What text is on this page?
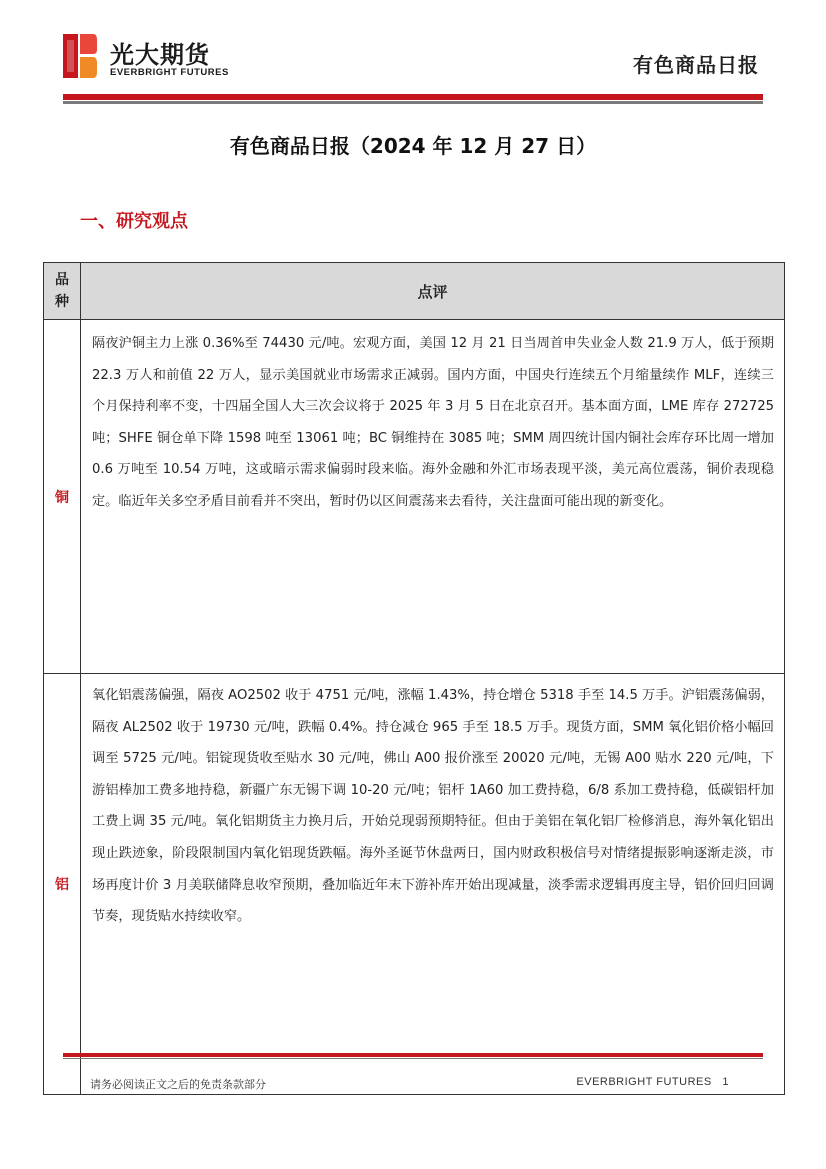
光大期货
EVERBRIGHT FUTURES	有色商品日报
有色商品日报（2024 年 12 月 27 日）
一、研究观点
品
种
点评
铜
隔夜沪铜主力上涨 0.36%至 74430 元/吨。宏观方面，美国 12 月 21 日当周首申失业金人数 21.9 万人，低于预期 22.3 万人和前值 22 万人，显示美国就业市场需求正减弱。国内方面，中国央行连续五个月缩量续作 MLF，连续三个月保持利率不变，十四届全国人大三次会议将于 2025 年 3 月 5 日在北京召开。基本面方面，LME 库存 272725 吨；SHFE 铜仓单下降 1598 吨至 13061 吨；BC 铜维持在 3085 吨；SMM 周四统计国内铜社会库存环比周一增加 0.6 万吨至 10.54 万吨，这或暗示需求偏弱时段来临。海外金融和外汇市场表现平淡，美元高位震荡，铜价表现稳定。临近年关多空矛盾目前看并不突出，暂时仍以区间震荡来去看待，关注盘面可能出现的新变化。
铝
氧化铝震荡偏强，隔夜 AO2502 收于 4751 元/吨，涨幅 1.43%，持仓增仓 5318 手至 14.5 万手。沪铝震荡偏弱，隔夜 AL2502 收于 19730 元/吨，跌幅 0.4%。持仓减仓 965 手至 18.5 万手。现货方面，SMM 氧化铝价格小幅回调至 5725 元/吨。铝锭现货收至贴水 30 元/吨，佛山 A00 报价涨至 20020 元/吨，无锡 A00 贴水 220 元/吨，下游铝棒加工费多地持稳，新疆广东无锡下调 10-20 元/吨；铝杆 1A60 加工费持稳，6/8 系加工费持稳，低碳铝杆加工费上调 35 元/吨。氧化铝期货主力换月后，开始兑现弱预期特征。但由于美铝在氧化铝厂检修消息，海外氧化铝出现止跌迹象，阶段限制国内氧化铝现货跌幅。海外圣诞节休盘两日，国内财政积极信号对情绪提振影响逐渐走淡，市场再度计价 3 月美联储降息收窄预期，叠加临近年末下游补库开始出现减量，淡季需求逻辑再度主导，铝价回归回调节奏，现货贴水持续收窄。
请务必阅读正文之后的免责条款部分	EVERBRIGHT FUTURES 1
